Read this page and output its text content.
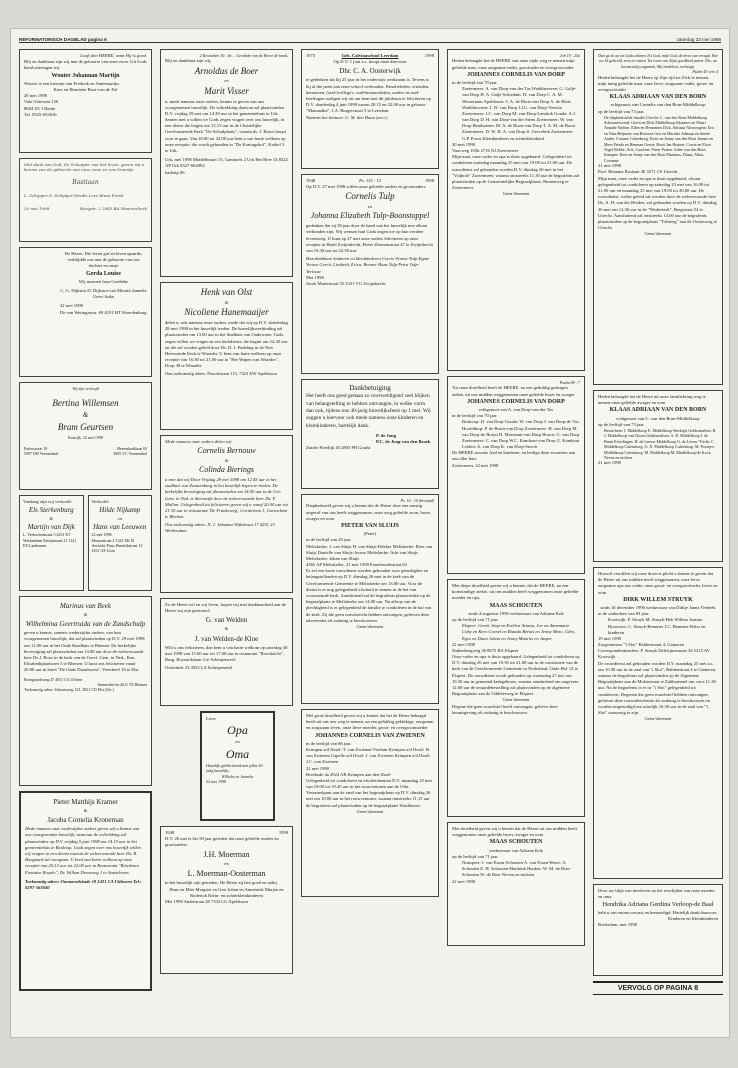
REFORMATORISCH DAGBLAD pagina 6	zaterdag 23 mei 1998
Looft den HEERE, want Hij is goed.
Blij en dankbaar zijn wij met de geboorte van onze zoon. Uit Gods hand ontvingen wij
Wouter Johannan Martijn
Wouter is een broertje van Frederik en Annemartijn.
Kees en Henriette Boot-van de Pol
20 mei 1998
Vale Ooievaar 126
8604 ZS 't Harde
Tel. 0525-653616
Met dank aan God. De Schepper van het leven, geven wij u kennis van de geboorte van onze zoon en ons broertje
Bastiaan
L. Schipper-G. Schipper-Strubs Lore Bram Frank
20 mei 1998	Hoogstr. 2 2845 BA Waarnerkerk
De Heere, Die leven gaf en leven spaarde, verblijdde ons met de geboorte van ons dochter en zusje
Gerda Louise
Wij noemen haar Gerdieke
C. G. Dijkstra D. Dijkstra-van Mourik Janneke Geert Anke
22 mei 1998
De van Weringenstr. 69 4191 HT Woerdenburg
Wij zijn verloofd
Bertina Willemsen
&
Bram Geurtsen
Katwijk, 22 mei 1998
Putterstraat 19	Heemskerklaan 65
5907 DH Veenendaal	3905 VC Veenendaal
Vandaag zijn wij verloofd:
Els Sterkenburg
&
Martijn van Dijk
L. Verkooienstraat 3 4251 ET Werkendam Pattijnstraat 21 1121 EE Landsmeer
Verloofd:
Hilde Nijkamp
en
Hans van Leeuwen
22 mei 1998
Maaratstraat 2 1341 EK El Amfacht Prins Hendrikstraat 12 2161 GE Lisse
Marinus van Beek
&
Wilhelmina Geertruida van de Zandschulp
geven u kennis, samens wederzijdse ouders, van hun voorgenomen huwelijk, dat zal plaatsvinden op D.V. 29 mei 1998 om 11.00 uur in het Oude Raadhuis te Rhenen. De kerkelijke bevestiging zal plaatsvinden om 14.00 uur door de weleerwaarde heer Ds J. Roos in de kerk van de Geref. Gem. in Ned., Kon. Elizabethplantsoen 5 te Rhenen. U kunt ons feliciteren vanaf 20.00 uur in hotel "De Oude Draaiboom", Veerdreef 10 te Elst.
Borngaardsweg 47 4051 CG Ochten
Sennerden 6a 2611 TZ Rhenen
Toekomstig adres: Schaatsweg 123, 3821 CD Elst (Utr.)
Pieter Matthijs Kramer
&
Jacoba Cornelia Kroneman
Mede namens onze wederzijdse ouders geven wij u kennis van ons voorgenomen huwelijk, waarvan de voltrekking zal plaatsvinden op D.V. vrijdag 5 juni 1998 om 14.15 uur in het gemeentehuis te Boskoop. Gods zegen over ons huwelijk willen wij vragen in een dienst waarin de weleerwaarde heer Ds. R. Boogaard zal voorgaan. U bent van harte welkom op onze receptie van 20.15 uur tot 22.00 uur in Restaurant "Résidence Fontaine Royale", Dr. Willem Dreesweg 1 te Amstelveen.
Toekomstig adres: Ommoordskade 18 1421 CA Uithoorn Tel.: 0297-563040
2 Kronieken 30 : 9a ... Gerdieke van de Heere de hand.
Blij en dankbaar zijn wij,
Arnoldus de Boer
en
Marit Visser
u, mede namens onze ouders, kennis te geven van ons voorgenomen huwelijk. De voltrekking daarvan zal plaatsvinden D.V. vrijdag 29 mei om 14.30 uur in het gemeentehuis te Urk. Samen met u willen we Gods zegen vragen over ons huwelijk, in een dienst die begint om 15.15 uur in de Christelijke Gereformeerde Kerk "De Schuilplaats", waarin ds. J. Broos hoopt voor te gaan. Van 20.00 tot 22.00 uur bent u van harte welkom op onze receptie, die wordt gehouden in "De Koningshof", Kerkel 3 te Urk.
Urk, mei 1998 Middelbraart 15, Gammels 2 Urk Het Bree 14 8322 AP Urk 0527-682094
kadotip 06
Henk van Olst
&
Nicoliene Hanemaaijer
delen u, ook namens onze ouders, mede dat wij op D.V. donderdag 28 mei 1998 in het huwelijk treden. De huwelijksverbinding zal plaatsvinden om 13.00 uur in het Stadhuis van Oudewater. Gods zegen willen we vragen in een kerkdienst, die begint om 14.30 uur en die zal worden geleid door Ds. D. J. Budding in de Ned. Hervormde Kerk te Waarder. U bent van harte welkom op onze receptie van 16.30 tot 21.00 uur in "Het Wapen van Waarder", Dorp 38 te Waarder.
Ons toekomstig adres: Pascalstraat 113, 7323 EW Apeldoorn
Mede namens onze ouders delen wij
Cornelis Bernouw
&
Colinda Bierings
u mee dat wij Door Vrijdag 29 mei 1998 om 12.45 uur in het stadhuis van Zwanenburg in het huwelijk hopen te treden. De kerkelijke bevestiging zal plaatsvinden om 14.00 uur in de Ger. Gem. in Ned. te Steenwijk door de weleerwaarde heer Ds. F. Mallan. Gelegenheid tot feliciteren geven wij u vanaf 20.00 uur tot 21.30 uur in restaurant 'De Frankeweg', Gorinchem 1, Gorinchem te Rhenen.
Ons toekomstig adres: N. J. Johanna Wijkstraat 17 4251 23 Werkendam
Zo de Heere wil en wij leven, hopen wij met dankbaarheid aan de Heere wij zijn getrouwd
G. van Welden
&
J. van Welden-de Kloe
Wilt u ons feliciteren, dan bent u van harte welkom op zaterdag 30 mei 1998 van 15.00 uur tot 17.00 uur in restaurant "Boschzicht", Burg. Royaardslaan 4 te Scherpenzeel.
Oosteinde 23 3925 LA Scherpenzeel
Lieve
Opa
en
Oma
Hartelijk gefeliciteerd met jullie 25-jarig huwelijk.
Willieke en Janneke
22 mei 1998
1948	1998
D.V. 26 mei is het 50 jaar geleden dat onze geliefde ouders en grootouders
J.H. Moerman
en
L. Moerman-Oosterman
in het huwelijk zijn getreden. De Heere zij hen goed en nabij.
Hans en Mier Margriet en Gert Johan en Annemiek Marjen en Roderick Klein- en achterkleinkinderen
Mei 1998 Ambtstraat 28 7333 LG Apeldoorn
1973	Geb. Calvinaschool Leerdam	1998
Op D.V. 1 juni a.s. hoopt onze directeur
Dhr. C. A. Oosterwijk
te gedenken dat hij 25 jaar in het onderwijs werkzaam is. Tevens is hij al die jaren aan onze school verbonden. Familieleden, vrienden, kennissen, (oud-)collega's, oud-bestuursleden, ouders en oud-leerlingen nodigen wij uit om hem met dit jubileum te feliciteren op D.V. donderdag 4 juni 1998 tussen 20.15 en 22.00 uur in gebouw "Maranatha", J.A. Burgerstraat 5 te Leerdam.
Namens het bestuur: G. M. den Haan (secr.)
1948	Ps. 115 : 15	1998
Op D.V. 27 mei 1998 willen onze geliefde ouders en grootouders
Cornelis Tulp
en
Johanna Elizabeth Tulp-Boonstoppel
gedenken dat zij 50 jaar door de hand van het huwelijk met elkaar verbonden zijn. Wij wensen hun Gods zegen toe op hun verdere levensweg. U kunt op 27 mei onze ouders feliciteren op onze receptie in Hotel Zwijndrecht, Pieter Zeemanstraat 47 te Zwijndrecht van 19.30 uur tot 22.30 uur.
Hun dankbare kinderen en kleinkinderen Corrie Verzeu-Tulp Eppie Verzeu Gerrit, Liesbeth, Erica, Benner Hans Tulp Petra Tulp-Terlouw
Mei 1998
Jacob Marisstraat 35 3331 VG Zwijndrecht
Dankbetuiging
Het heeft ons goed gedaan zo overweldigend veel blijken van belangstelling te hebben ontvangen, in welke vorm dan ook, tijdens ons 40-jarig huwelijksfeest op 1 mei. Wij zeggen u hiervoor ook mede namens onze kinderen en kleinkinderen, hartelijk dank.
P. de Jong
P.C. de Jong-van den Broek
Zuider Hoedijk 40 2805 PB Gouda
Ps. 16 : 10 (berijmd)
Diepbedroefd geven wij u kennis dat de Heere door een ernstig ongeval van ons heeft weggenomen, onze zorg geliefde zoon, broer, zwager en oom
PIETER VAN SLUIJS
(Peter)
in de leeftijd van 20 jaar.
Meliskerke: J. van Sluijs H. van Sluijs-Dekker Meliskerke: Rien van Sluijs Danielle van Sluijs-Joosse Meliskerke: Adri van Sluijs Meliskerke: Johan van Sluijs
4365 AP Meliskerke, 21 mei 1998 Panrebsoekstraat 63
Er zal een korte rouwdienst worden gehouden voor genodigden en belangstellenden op D.V. dinsdag 26 mei in de kerk van de Gereformeerde Gemeente te Meliskerke om 13.00 uur. Voor de dienst is er nog gelegenheid afscheid te nemen in de hal van voornoemde kerk. Aansluitend zal de begrafenis plaatsvinden op de begraafplaats te Meliskerke om 14.00 uur. Na afloop van de plechtigheid is er gelegenheid de familie te condoleren in de hal van de kerk. Zij die geen rouwbericht hebben ontvangen, gelieven deze advertentie als zodanig te beschouwen.
Geen bloemen
Met grote droefheid geven wij u kennis dat het de Heere behaagd heeft uit ons ons weg te nemen, na een gelukkig gelukkige, zorgzaam en zorgzaam leven, onze lieve moeder, groot- en overgrootmoeder
JOHANNES CORNELIS VAN ZWIENEN
in de leeftijd van 86 jaar.
Krimpen a/d IJssel: T. van Zwienen-Verduin Krimpen a/d IJssel: H. van Zwienen Capelle a/d IJssel: J. van Zwienen Krimpen a/d IJssel: J.C. van Zwienen
22 mei 1998
Breekade 4a 2924 AB Krimpen aan den IJssel
Gelegenheid tot condoleren en afscheidnemen D.V. maandag 25 mei van 19.00 tot 19.45 uur in het rouwcentrum aan de Olm. Verzamelpunt aan de rand van het begraafplaats op D.V. dinsdag 26 mei om 10.00 uur in het rouwcentrum, waarna omstreeks 11.15 uur de begrafenis zal plaatsvinden op de begraafplaats Waalhaven.
Geen bloemen
Job 19 : 25a
Heden behaagde het de HEERE van onze zijde weg te nemen mijn geliefde man, onze zorgzame vader, grootvader en overgrootvader
JOHANNES CORNELIS VAN DORP
in de leeftijd van 70 jaar.
Zoetermeer: A. van Dorp-van der Tas Waddinxveen: G. Galjé-van Dorp H. A. Galjé Schiedam: D. van Dorp C. A. M. Westerman Apeldoorn: C.A. de Blois-van Dorp A. de Blois Waddinxveen: J. W. van Dorp J.J.G. van Dorp-Venstra Zoetermeer: J.C. van Dorp M. van Dorp-Landrok Gouda: A.J. van Dorp D. H. van Dorp-van der Steen Zoetermeer: W. van Dorp Benthuizen: M. A. de Boon-van Dorp T. A. M. de Boon Zoetermeer: D. W. H. A. van Dorp S. Grevelink Zoetermeer: G.P. Proos Kleinkinderen en achterkleinkind
20 mei 1998
Vauvweg 103b 2716 NJ Zoetermeer
Mijn man, onze vader en opa is thuis opgebaard. Gelegenheid tot condoleren zaterdag maandag 25 mei van 19.00 tot 21.00 uur. De rouwdienst zal gehouden worden D.V. dinsdag 26 mei in het "Vrijhofe" Zoetermeer, waarna omstreeks 11.30 uur de begrafenis zal plaatsvinden op de Gemeentelijke Begraafplaats, Binnenweg te Zoetermeer.
Geen bloemen
Psalm 89 : 7
Tot onze droefheid heeft de HEERE, na een geduldig gedragen ziekte, uit ons midden weggenomen onze geliefde broer en zwager
JOHANNES CORNELIS VAN DORP
echtgenoot van A. van Dorp-van der Tas
in de leeftijd van 70 jaar.
Boskoop: D. van Dorp Gouda: W. van Dorp J. van Dorp-de Vos Hoofddorp: P. de Bruin-van Dorp Zoetermeer: H. van Dorp M. van Dorp-de Bruyn H. Moerman-van Dorp Hoorn: G. van Dorp Zoetermeer: C. van Dorp W.C. Kamhout-van Dorp G. Kamhout Leiden: A. van Dorp K. van Dorp-Storch
De HEERE troostte Aad en kinderen, en heilige deze ervaarten aan ons aller hart.
Zoetermeer, 22 mei 1998
Met diepe droefheid geven wij u kennis, dat de HEERE, na een kortstondige ziekte, uit ons midden heeft weggenomen onze geliefde moeder en opa,
MAAS SCHOUTEN
sinds 4 augustus 1996 weduwnaar van Adriana Kok
op de leeftijd van 71 jaar.
Elspeet: Gerrit Joop en Evelien Ariana, Joe en Annemarie Coby en Kees Cornel en Rianda Bertus en Jenny Marc, Gibo, Eges en Daan Johan en Jenny Maurits en Jasper
22 mei 1998
Stakenbergweg 36 8075 BA Elspeet
Onze vader en opa is thuis opgebaard. Gelegenheid tot condoleren op D.V. dinsdag 26 mei van 19.30 tot 21.00 uur in de consistorie van de kerk van de Gereformeerde Gemeente in Nederland, Oude Hof 12 te Elspeet. De rouwdienst wordt gehouden op woensdag 27 mei om 10.30 uur in genoemd kerkgebouw, waarna aansluitend om ongeveer 12.00 uur de teraardebestelling zal plaatsvinden op de algemene Begraafplaats aan de Uddelerweg te Elspeet.
Geen bloemen
Degene die geen rouwbrief heeft ontvangen, gelieve deze kennisgeving als zodanig te beschouwen.
Met droefheid geven wij u kennis dat de Heere uit ons midden heeft weggenomen onze geliefde broer, zwager en oom
MAAS SCHOUTEN
weduwnaar van Adriana Kok
op de leeftijd van 71 jaar.
Nunspeet: J. van Essen-Schouten A. van Essen Weert: A. Schouten E. H. Schouten-Harinink Harden: W. M. de Boer-Schouten W. de Boer Neven en nichten
22 mei 1998
Dan ga ik op tot Gods altaren Tot God, mijn God, de bron van vreugd. Ene uw lil geheeld, eren en waren Tot roem van Zijns goedheid paren. Die, na kortstondig ongemak, Mij eindeloos verheugt.
Psalm 43 vers 4
Heden behaagde het de Heere op Zijn tijd tot Zich te nemen, mijn innig geliefde man, onze lieve, zorgzame vader, groot- en overgrootvader
KLAAS ADRIAAN VAN DEN BORN
echtgenoot van Cornelia van den Born-Middelkoop
op de leeftijd van 73 jaar.
De diepbedroefde familie Utrecht: C. van den Born-Middelkoop Schoonrewoerd: Gerrit en Dick Middelkoop Johannes en Maart Annalie Nadine, Ellen en Bernanten Dick, Adriana Nieuwegein: Eric en Nina Reijmers van Rouwen Gert en Marieke Adriaan en Anette Andre, Corinne Culemborg: Evert en Jenny van den Born Jannes en Mees Frieda en Henman Gerrie, Roeit Jan Houten: Corrie en Floor Vogel Robbe, Arie, Caroline, Pieter Putten: Adrie van den Born Kampen: Kees en Jenny van den Born Martinus, Diana, Alina, Corianne
21 mei 1998
Prof. Ritzema Boslaan 40 3571 CS Utrecht
Mijn man, onze vader en opa is thuis opgebaard, alwaar gelegenheid tot condoleren op zaterdag 23 mei van 16.00 tot 21.00 uur en maandag 25 mei van 19.00 tot 20.00 uur. De rouwdienst, welke geleid zal worden door de weleerwaarde heer Ds. A. H. van der Heiden, zal gehouden worden op D.V. dinsdag 26 mei om 12.30 uur in de "Wederkerk", Bergstraat 54 te Utrecht. Aansluitend zal omstreeks 14.00 uur de begrafenis plaatsvinden op de begraafplaats "Tolsteeg" aan de Oosterweg te Utrecht.
Geen bloemen
Heden behaagde het de Heere uit onze familiekring weg te nemen onze geliefde zwager en oom
KLAAS ADRIAAN VAN DEN BORN
echtgenoot van C. van den Born-Middelkoop
op de leeftijd van 73 jaar.
Beusichem: J. Middelkoop E. Middelkoop-Sterkrijk Geldermalsen: B. J. Middelkoop-van Doorn Geldermalsen: A. R. Middelkoop J. de Bruin Everdingen: H. de Leeuw-Middelkoop G. de Leeuw 'Tricht: C. Middelkoop Culemborg: G. N. Middelkoop Culemborg: M. Poortjes-Middelkoop Culemborg: M. Middelkoop M. Middelkoop-de Kock Neven en nichten
21 mei 1998
Hoewel verrullen wij onze droevis plicht u kennis te geven dat de Heere uit ons midden heeft weggenomen, onze lieve zorgzame opa ons vader, onze groot- en overgrootvader, broer en oom
DIRK WILLEM STRUYK
sinds 16 december 1996 weduwnaar van Dirkje Janna Verbeek
in de ouderdom van 83 jaar.
Kootwijk: P. Struyk M. Struyk-Hek Willem Joanna Brouwers: C. Struyk-Bemmer J.C. Bemmer-Bobo en kinderen
19 mei 1998
Zorgcentrum "'t Slot" Baldenstraat 4, Gameren
Correspondentieadres: P. Struyk Delwijnsestraat 34 5315 AV Kootwijk
De rouwdienst zal gehouden worden D.V. maandag 25 mei a.s. om 10.30 uur in de zaal van "t Slot", Baldenstraat 4 te Gameren, waarna de begrafenis zal plaatsvinden op de Algemene Begraafplaats aan de Molenstraat te Zaltbommel om circa 11.30 uur. Na de begrafenis is er in "'t Slot" gelegenheid tot condoleren. Degenen die geen rouwbrief hebben ontvangen, gelieven deze rouwadvertentie als zodanig te beschouwen en worden uitgenodigd om uiterlijk 16.30 uur in de zaal van "'t Slot" aanwezig te zijn.
Geen bloemen
Door uw blijk van meeleven na het overlijden van onze moeder en oma
Hendrika Adriana Gerdina Verloop-de Baal
hebt u ons enorm verrast en bemoedigd. Hartelijk dank daarvoor.
Kinderen en Kleinkinderen
Rotterdam, mei 1998
VERVOLG OP PAGINA 8
